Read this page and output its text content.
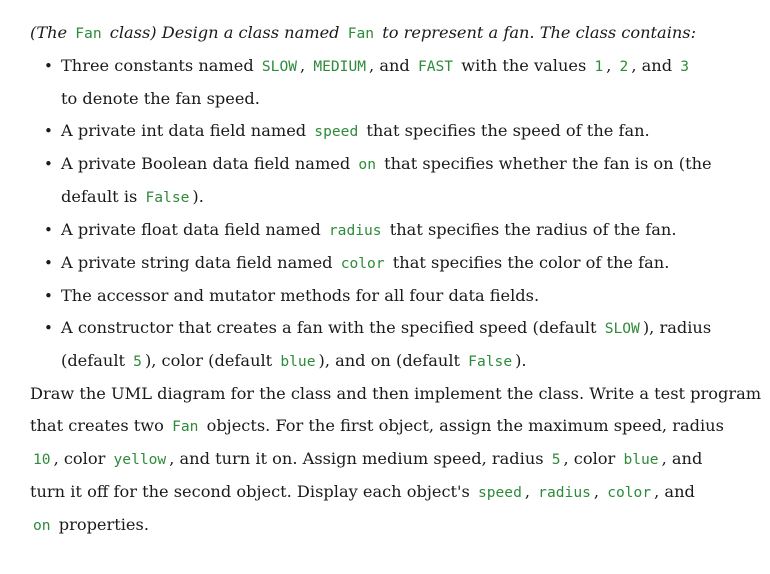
(The Fan class) Design a class named Fan to represent a fan. The class contains:
• Three constants named SLOW , MEDIUM , and FAST with the values 1 , 2 , and 3
to denote the fan speed.
• A private int data field named speed that specifies the speed of the fan.
• A private Boolean data field named on that specifies whether the fan is on (the
default is False ).
• A private float data field named radius that specifies the radius of the fan.
• A private string data field named color that specifies the color of the fan.
• The accessor and mutator methods for all four data fields.
• A constructor that creates a fan with the specified speed (default SLOW ), radius
(default 5 ), color (default blue ), and on (default False ).
Draw the UML diagram for the class and then implement the class. Write a test program
that creates two Fan objects. For the first object, assign the maximum speed, radius
10 , color yellow , and turn it on. Assign medium speed, radius 5 , color blue , and
turn it off for the second object. Display each object's speed , radius , color , and
on properties.
